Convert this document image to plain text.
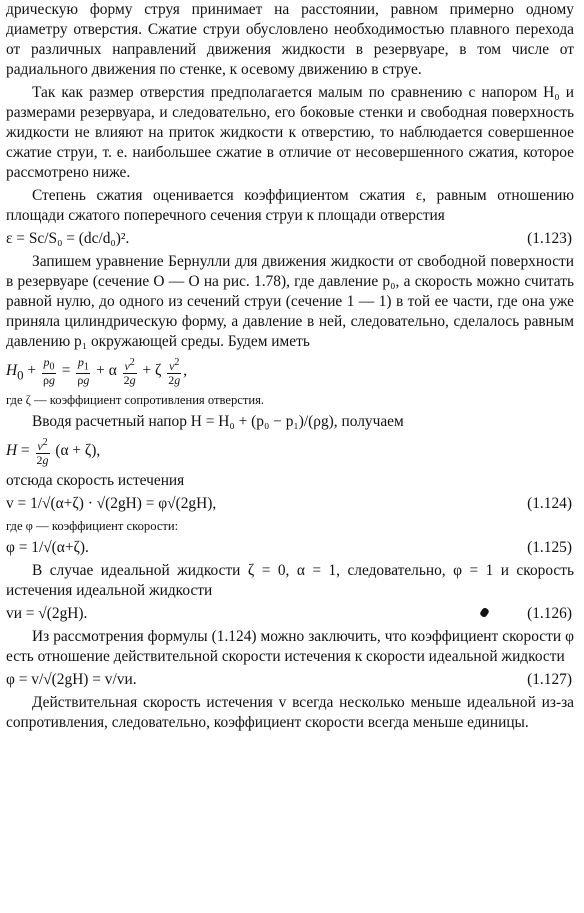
дрическую форму струя принимает на расстоянии, равном примерно одному диаметру отверстия. Сжатие струи обусловлено необходимостью плавного перехода от различных направлений движения жидкости в резервуаре, в том числе от радиального движения по стенке, к осевому движению в струе.

Так как размер отверстия предполагается малым по сравнению с напором H₀ и размерами резервуара, и следовательно, его боковые стенки и свободная поверхность жидкости не влияют на приток жидкости к отверстию, то наблюдается совершенное сжатие струи, т. е. наибольшее сжатие в отличие от несовершенного сжатия, которое рассмотрено ниже.

Степень сжатия оценивается коэффициентом сжатия ε, равным отношению площади сжатого поперечного сечения струи к площади отверстия

ε = Sс/S₀ = (dс/d₀)².	(1.123)

Запишем уравнение Бернулли для движения жидкости от свободной поверхности в резервуаре (сечение O — O на рис. 1.78), где давление p₀, а скорость можно считать равной нулю, до одного из сечений струи (сечение 1 — 1) в той ее части, где она уже приняла цилиндрическую форму, а давление в ней, следовательно, сделалось равным давлению p₁ окружающей среды. Будем иметь

$H_0 + \frac{p_0}{\rho g} = \frac{p_1}{\rho g} + \alpha \frac{v^2}{2g} + \zeta \frac{v^2}{2g}$ ,

где ζ — коэффициент сопротивления отверстия.

Вводя расчетный напор H = H₀ + (p₀ − p₁)/(ρg), получаем

$H = \frac{v^2}{2g} (\alpha + \zeta)$,

отсюда скорость истечения

v = 1/√(α+ζ) · √(2gH) = φ√(2gH),	(1.124)

где φ — коэффициент скорости:

φ = 1/√(α+ζ).	(1.125)

В случае идеальной жидкости ζ = 0, α = 1, следовательно, φ = 1 и скорость истечения идеальной жидкости

vи = √(2gH).	(1.126)

Из рассмотрения формулы (1.124) можно заключить, что коэффициент скорости φ есть отношение действительной скорости истечения к скорости идеальной жидкости

φ = v/√(2gH) = v/vи.	(1.127)

Действительная скорость истечения v всегда несколько меньше идеальной из-за сопротивления, следовательно, коэффициент скорости всегда меньше единицы.
